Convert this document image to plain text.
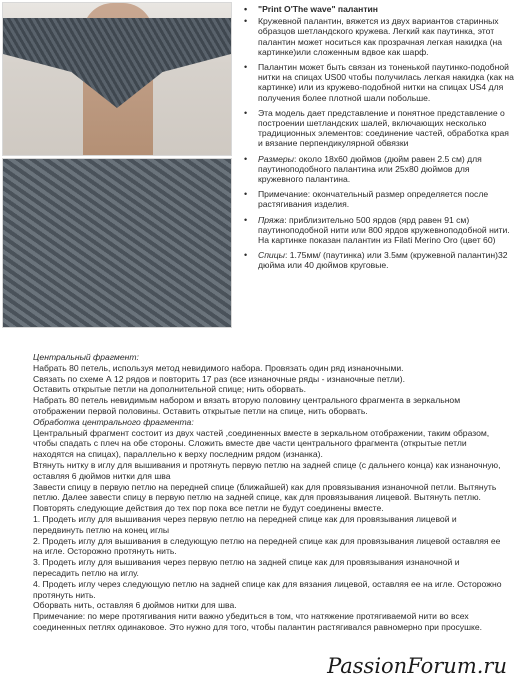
• "Print O'The wave" палантин
• Кружевной палантин, вяжется из двух вариантов старинных образцов шетландского кружева. Легкий как паутинка, этот палантин может носиться как прозрачная легкая накидка (на картинке)или сложенным вдвое как шарф.
• Палантин может быть связан из тоненькой паутинко-подобной нитки на спицах US00 чтобы получилась легкая накидка (как на картинке) или из кружево-подобной нитки на спицах US4 для получения более плотной шали побольше.
• Эта модель дает представление и понятное представление о построении шетландских шалей, включающих несколько традиционных элементов: соединение частей, обработка края и вязание перпендикулярной обвязки
• Размеры: около 18х60 дюймов (дюйм равен 2.5 см) для паутиноподобного палантина или 25х80 дюймов для кружевного палантина.
• Примечание: окончательный размер определяется после растягивания изделия.
• Пряжа: приблизительно 500 ярдов (ярд равен 91 см) паутиноподобной нити или 800 ярдов кружевноподобной нити. На картинке показан палантин из Filati Merino Oro (цвет 60)
• Спицы: 1.75мм/ (паутинка) или 3.5мм (кружевной палантин)32 дюйма или 40 дюймов круговые.

Центральный фрагмент:

Набрать 80 петель, используя метод невидимого набора. Провязать один ряд изнаночными.

Связать по схеме А 12 рядов и повторить 17 раз (все изнаночные ряды - изнаночные петли).

Оставить открытые петли на дополнительной спице; нить оборвать.

Набрать 80 петель невидимым набором и вязать вторую половину центрального фрагмента в зеркальном отображении первой половины. Оставить открытые петли на спице, нить оборвать.

Обработка центрального фрагмента:

Центральный фрагмент состоит из двух частей ,соединенных вместе в зеркальном отображении, таким образом, чтобы спадать с плеч на обе стороны. Сложить вместе две части центрального фрагмента (открытые петли находятся на спицах), параллельно к верху последним рядом (изнанка).

Втянуть нитку в иглу для вышивания и протянуть первую петлю на задней спице (с дальнего конца) как изнаночную, оставляя 6 дюймов нитки для шва

Завести спицу в первую петлю на передней спице (ближайшей) как для провязывания изнаночной петли. Вытянуть петлю. Далее завести спицу в первую петлю на задней спице, как для провязывания лицевой. Вытянуть петлю.

Повторять следующие действия до тех пор пока все петли не будут соединены вместе.

1. Продеть иглу для вышивания через первую петлю на передней спице как для провязывания лицевой и передвинуть петлю на конец иглы

2. Продеть иглу для вышивания в следующую петлю на передней спице как для провязывания лицевой оставляя ее на игле. Осторожно протянуть нить.

3. Продеть иглу для вышивания через первую петлю на задней спице как для провязывания изнаночной и пересадить петлю на иглу.

4. Продеть иглу через следующую петлю на задней спице как для вязания лицевой, оставляя ее на игле. Осторожно протянуть нить.

Оборвать нить, оставляя 6 дюймов нитки для шва.

Примечание: по мере протягивания нити важно убедиться в том, что натяжение протягиваемой нити во всех соединенных петлях одинаковое. Это нужно для того, чтобы палантин растягивался равномерно при просушке.

PassionForum.ru
